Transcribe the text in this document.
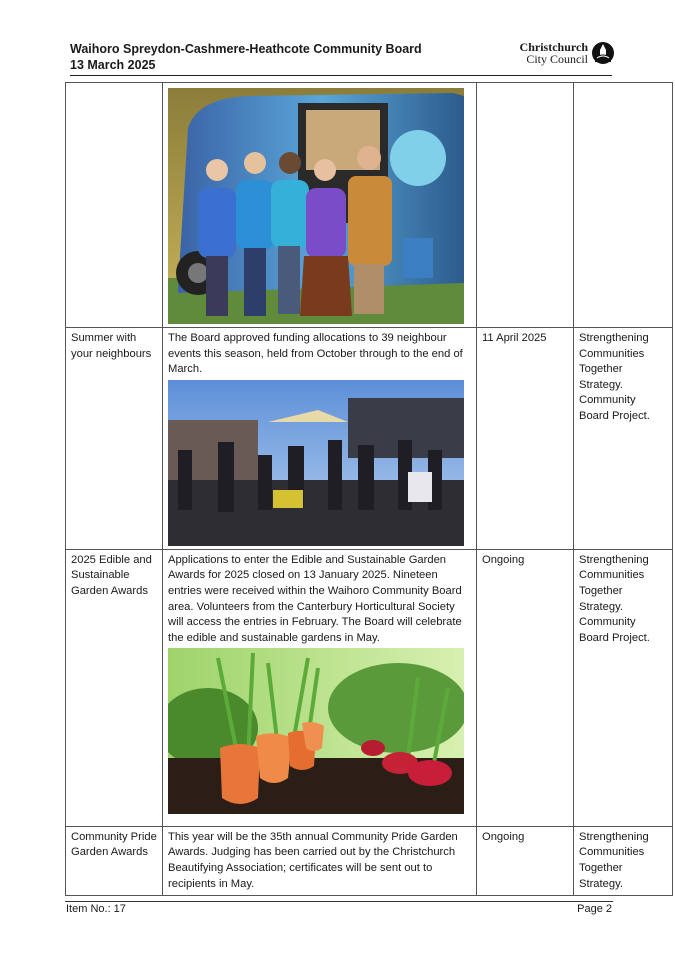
Waihoro Spreydon-Cashmere-Heathcote Community Board
13 March 2025
Christchurch
City Council

Summer with your neighbours	The Board approved funding allocations to 39 neighbour events this season, held from October through to the end of March.	11 April 2025	Strengthening Communities Together Strategy. Community Board Project.
2025 Edible and Sustainable Garden Awards	Applications to enter the Edible and Sustainable Garden Awards for 2025 closed on 13 January 2025. Nineteen entries were received within the Waihoro Community Board area. Volunteers from the Canterbury Horticultural Society will access the entries in February. The Board will celebrate the edible and sustainable gardens in May.	Ongoing	Strengthening Communities Together Strategy. Community Board Project.
Community Pride Garden Awards	This year will be the 35th annual Community Pride Garden Awards. Judging has been carried out by the Christchurch Beautifying Association; certificates will be sent out to recipients in May.	Ongoing	Strengthening Communities Together Strategy.
Item No.: 17	Page 2
